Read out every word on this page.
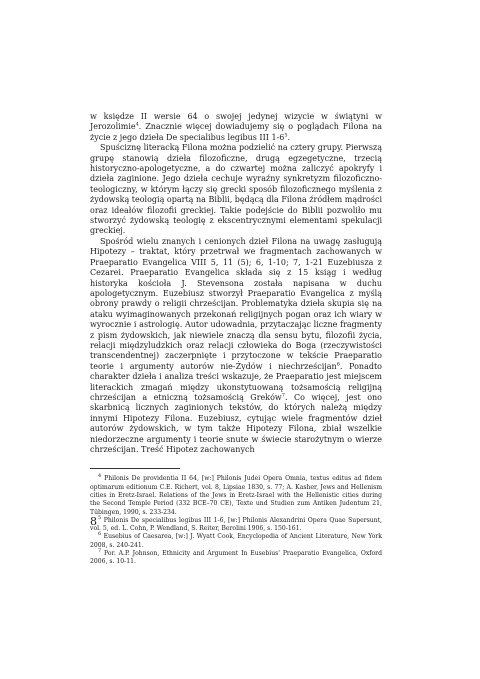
w księdze II wersie 64 o swojej jedynej wizycie w świątyni w Jerozolimie$^4$. Znacznie więcej dowiadujemy się o poglądach Filona na życie z jego dzieła De specialibus legibus III $1-6^5$.
Spuściznę literacką Filona można podzielić na cztery grupy. Pierwszą grupę stanowią dzieła filozoficzne, drugą egzegetyczne, trzecią historyczno-apologetyczne, a do czwartej można zaliczyć apokryfy i dzieła zaginione. Jego dzieła cechuje wyraźny synkretyzm filozoficzno-teologiczny, w którym łączy się grecki sposób filozoficznego myślenia z żydowską teologią opartą na Biblii, będącą dla Filona źródłem mądrości oraz ideałów filozofii greckiej. Takie podejście do Biblii pozwoliło mu stworzyć żydowską teologię z ekscentrycznymi elementami spekulacji greckiej.
Spośród wielu znanych i cenionych dzieł Filona na uwagę zasługują Hipotezy – traktat, który przetrwał we fragmentach zachowanych w Praeparatio Evangelica VIII 5, 11 (5); 6, 1-10; 7, 1-21 Euzebiusza z Cezarei. Praeparatio Evangelica składa się z 15 ksiąg i według historyka kościoła J. Stevensona została napisana w duchu apologetycznym. Euzebiusz stworzył Praeparatio Evangelica z myślą obrony prawdy o religii chrześcijan. Problematyka dzieła skupia się na ataku wyimaginowanych przekonań religijnych pogan oraz ich wiary w wyrocznie i astrologię. Autor udowadnia, przytaczając liczne fragmenty z pism żydowskich, jak niewiele znaczą dla sensu bytu, filozofii życia, relacji międzyludzkich oraz relacji człowieka do Boga (rzeczywistości transcendentnej) zaczerpnięte i przytoczone w tekście Praeparatio teorie i argumenty autorów nie-Żydów i niechrześcijan$^6$. Ponadto charakter dzieła i analiza treści wskazuje, że Praeparatio jest miejscem literackich zmagań między ukonstytuowaną tożsamością religijną chrześcijan a etniczną tożsamością Greków$^7$. Co więcej, jest ono skarbnicą licznych zaginionych tekstów, do których należą między innymi Hipotezy Filona. Euzebiusz, cytując wiele fragmentów dzieł autorów żydowskich, w tym także Hipotezy Filona, zbiał wszelkie niedorzeczne argumenty i teorie snute w świecie starożytnym o wierze chrześcijan. Treść Hipotez zachowanych

$^4$ Philonis De providentia II 64, [w:] Philonis Judei Opera Omnia, textus editus ad fidem optimarum editionum C.E. Richert, vol. 8, Lipsiae 1830, s. 77; A. Kasher, Jews and Hellenism cities in Eretz-Israel. Relations of the Jews in Eretz-Israel with the Hellenistic cities during the Second Temple Period (332 BCE–70 CE), Texte und Studien zum Antiken Judentum 21, Tübingen, 1990, s. 233-234.
$^5$ Philonis De specialibus legibus III 1-6, [w:] Philonis Alexandrini Opera Quae Supersunt, vol. 5, ed. L. Cohn, P. Wendland, S. Reiter, Berolini 1906, s. 150-161.
$^6$ Eusebius of Caesarea, [w:] J. Wyatt Cook, Encyclopedia of Ancient Literature, New York 2008, s. 240-241.
$^7$ Por. A.P. Johnson, Ethnicity and Argument In Eusebius' Praeparatio Evangelica, Oxford 2006, s. 10-11.
8
